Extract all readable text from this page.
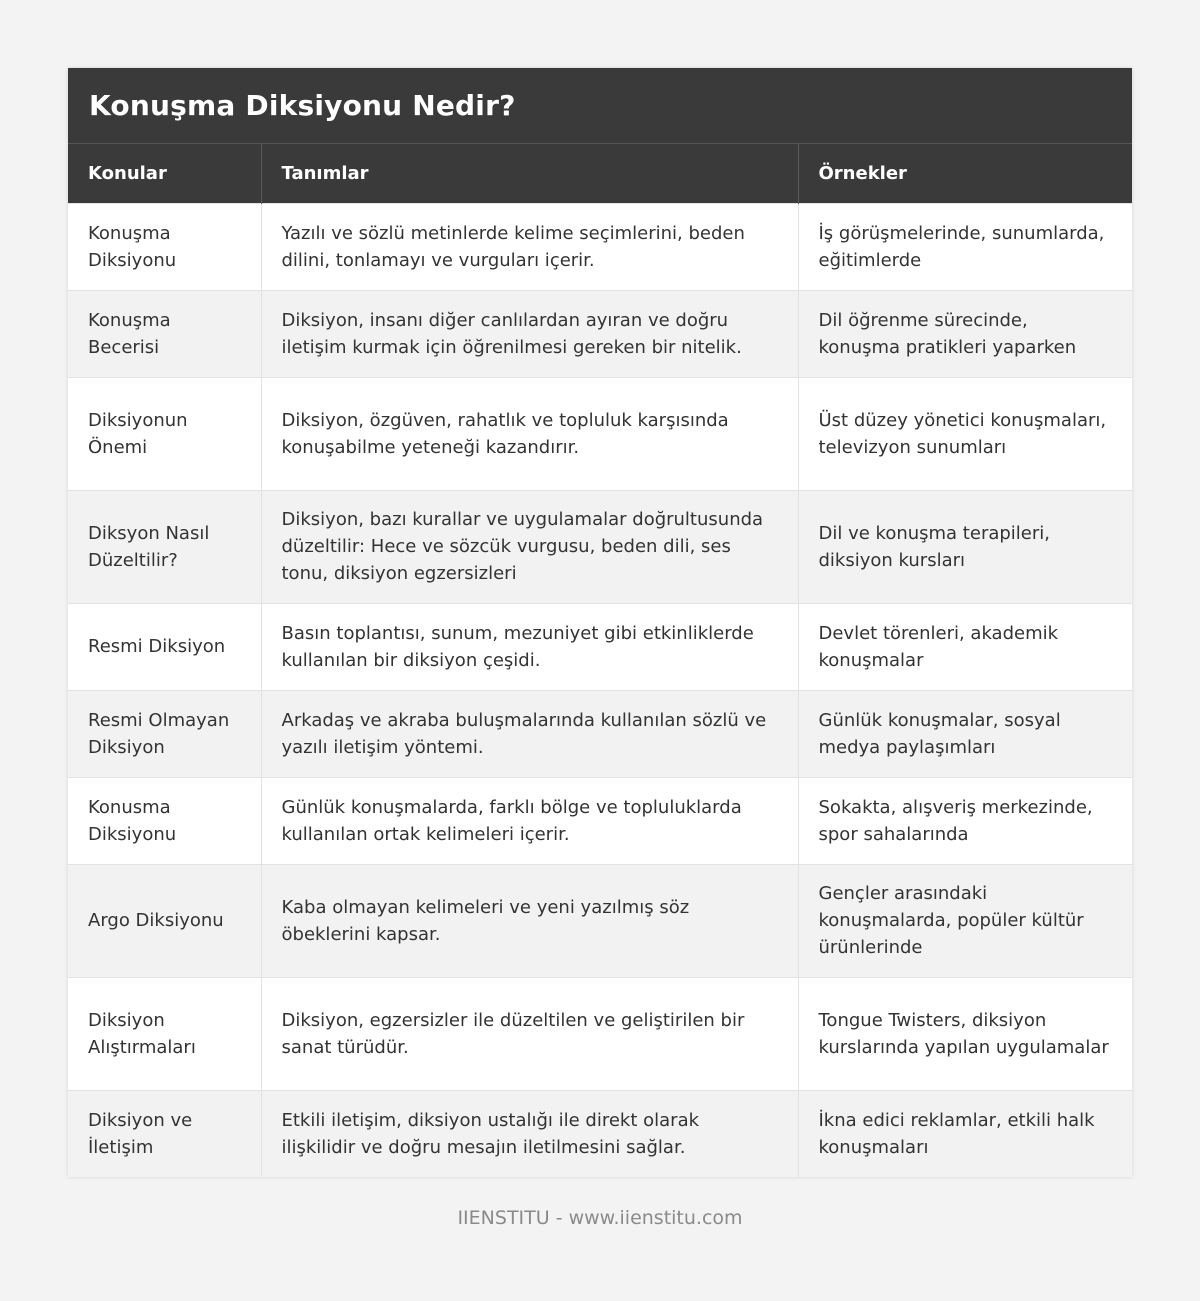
Konuşma Diksiyonu Nedir?
Konular	Tanımlar	Örnekler
Konuşma Diksiyonu	Yazılı ve sözlü metinlerde kelime seçimlerini, beden dilini, tonlamayı ve vurguları içerir.	İş görüşmelerinde, sunumlarda, eğitimlerde
Konuşma Becerisi	Diksiyon, insanı diğer canlılardan ayıran ve doğru iletişim kurmak için öğrenilmesi gereken bir nitelik.	Dil öğrenme sürecinde, konuşma pratikleri yaparken
Diksiyonun Önemi	Diksiyon, özgüven, rahatlık ve topluluk karşısında konuşabilme yeteneği kazandırır.	Üst düzey yönetici konuşmaları, televizyon sunumları
Diksyon Nasıl Düzeltilir?	Diksiyon, bazı kurallar ve uygulamalar doğrultusunda düzeltilir: Hece ve sözcük vurgusu, beden dili, ses tonu, diksiyon egzersizleri	Dil ve konuşma terapileri, diksiyon kursları
Resmi Diksiyon	Basın toplantısı, sunum, mezuniyet gibi etkinliklerde kullanılan bir diksiyon çeşidi.	Devlet törenleri, akademik konuşmalar
Resmi Olmayan Diksiyon	Arkadaş ve akraba buluşmalarında kullanılan sözlü ve yazılı iletişim yöntemi.	Günlük konuşmalar, sosyal medya paylaşımları
Konusma Diksiyonu	Günlük konuşmalarda, farklı bölge ve topluluklarda kullanılan ortak kelimeleri içerir.	Sokakta, alışveriş merkezinde, spor sahalarında
Argo Diksiyonu	Kaba olmayan kelimeleri ve yeni yazılmış söz öbeklerini kapsar.	Gençler arasındaki konuşmalarda, popüler kültür ürünlerinde
Diksiyon Alıştırmaları	Diksiyon, egzersizler ile düzeltilen ve geliştirilen bir sanat türüdür.	Tongue Twisters, diksiyon kurslarında yapılan uygulamalar
Diksiyon ve İletişim	Etkili iletişim, diksiyon ustalığı ile direkt olarak ilişkilidir ve doğru mesajın iletilmesini sağlar.	İkna edici reklamlar, etkili halk konuşmaları
IIENSTITU - www.iienstitu.com
